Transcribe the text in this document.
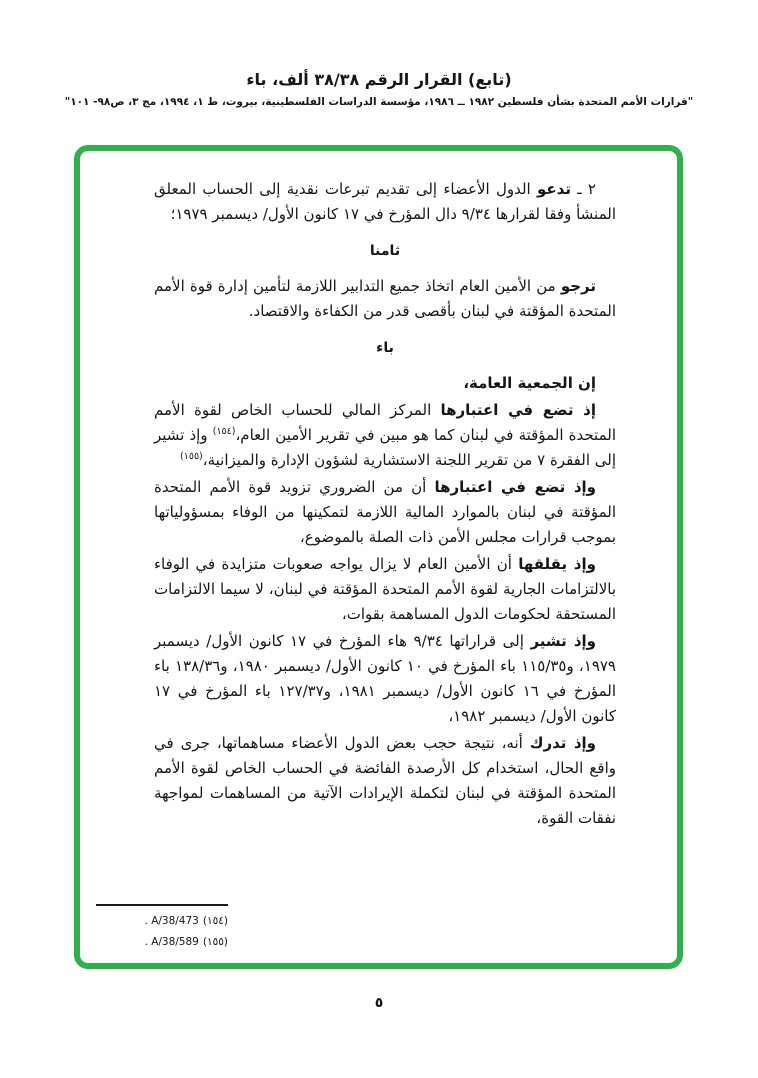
(تابع) القرار الرقم ٣٨/٣٨ ألف، باء
"قرارات الأمم المتحدة بشأن فلسطين ١٩٨٢ ــ ١٩٨٦، مؤسسة الدراسات الفلسطينية، بيروت، ط ١، ١٩٩٤، مج ٣، ص٩٨- ١٠١"

٢ ـ تدعو الدول الأعضاء إلى تقديم تبرعات نقدية إلى الحساب المعلق المنشأ وفقا لقرارها ٩/٣٤ دال المؤرخ في ١٧ كانون الأول/ ديسمبر ١٩٧٩؛

ثامنا

ترجو من الأمين العام اتخاذ جميع التدابير اللازمة لتأمين إدارة قوة الأمم المتحدة المؤقتة في لبنان بأقصى قدر من الكفاءة والاقتصاد.

باء

إن الجمعية العامة،

إذ تضع في اعتبارها المركز المالي للحساب الخاص لقوة الأمم المتحدة المؤقتة في لبنان كما هو مبين في تقرير الأمين العام،$^{(١٥٤)}$ وإذ تشير إلى الفقرة ٧ من تقرير اللجنة الاستشارية لشؤون الإدارة والميزانية،$^{(١٥٥)}$

وإذ تضع في اعتبارها أن من الضروري تزويد قوة الأمم المتحدة المؤقتة في لبنان بالموارد المالية اللازمة لتمكينها من الوفاء بمسؤولياتها بموجب قرارات مجلس الأمن ذات الصلة بالموضوع،

وإذ يقلقها أن الأمين العام لا يزال يواجه صعوبات متزايدة في الوفاء بالالتزامات الجارية لقوة الأمم المتحدة المؤقتة في لبنان، لا سيما الالتزامات المستحقة لحكومات الدول المساهمة بقوات،

وإذ تشير إلى قراراتها ٩/٣٤ هاء المؤرخ في ١٧ كانون الأول/ ديسمبر ١٩٧٩، و١١٥/٣٥ باء المؤرخ في ١٠ كانون الأول/ ديسمبر ١٩٨٠، و١٣٨/٣٦ باء المؤرخ في ١٦ كانون الأول/ ديسمبر ١٩٨١، و١٢٧/٣٧ باء المؤرخ في ١٧ كانون الأول/ ديسمبر ١٩٨٢،

وإذ تدرك أنه، نتيجة حجب بعض الدول الأعضاء مساهماتها، جرى في واقع الحال، استخدام كل الأرصدة الفائضة في الحساب الخاص لقوة الأمم المتحدة المؤقتة في لبنان لتكملة الإيرادات الآتية من المساهمات لمواجهة نفقات القوة،

(١٥٤)A/38/473 .
(١٥٥)A/38/589 .
٥
